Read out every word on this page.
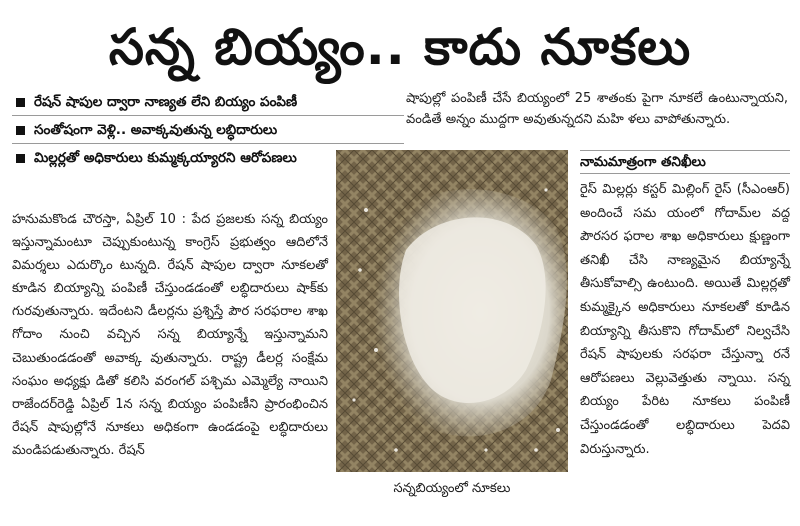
సన్న బియ్యం.. కాదు నూకలు
రేషన్ షాపుల ద్వారా నాణ్యత లేని బియ్యం పంపిణీ
సంతోషంగా వెళ్లి.. అవాక్కవుతున్న లబ్ధిదారులు
మిల్లర్లతో అధికారులు కుమ్మక్కయ్యారని ఆరోపణలు
హనుమకొండ చౌరస్తా, ఏప్రిల్ 10 : పేద ప్రజలకు సన్న బియ్యం ఇస్తున్నామంటూ చెప్పుకుంటున్న కాంగ్రెస్ ప్రభుత్వం ఆదిలోనే విమర్శలు ఎదుర్కొం టున్నది. రేషన్ షాపుల ద్వారా నూకలతో కూడిన బియ్యాన్ని పంపిణీ చేస్తుండడంతో లబ్ధిదారులు షాక్‌కు గురవుతున్నారు. ఇదేంటని డీలర్లను ప్రశ్నిస్తే పౌర సరఫరాల శాఖ గోదాం నుంచి వచ్చిన సన్న బియ్యాన్నే ఇస్తున్నామని చెబుతుండడంతో అవాక్క వుతున్నారు. రాష్ట్ర డీలర్ల సంక్షేమ సంఘం అధ్యక్షు డితో కలిసి వరంగల్ పశ్చిమ ఎమ్మెల్యే నాయిని రాజేందర్‌రెడ్డి ఏప్రిల్ 1న సన్న బియ్యం పంపిణీని ప్రారంభించిన రేషన్ షాపుల్లోనే నూకలు అధికంగా ఉండడంపై లబ్ధిదారులు మండిపడుతున్నారు. రేషన్
షాపుల్లో పంపిణీ చేసే బియ్యంలో 25 శాతంకు పైగా నూకలే ఉంటున్నాయని, వండితే అన్నం ముద్దగా అవుతున్నదని మహి ళలు వాపోతున్నారు.
సన్నబియ్యంలో నూకలు
నామమాత్రంగా తనిఖీలు
రైస్ మిల్లర్లు కస్టర్ మిల్లింగ్ రైస్ (సీఎంఆర్) అందించే సమ యంలో గోదామ్‌ల వద్ద పౌరసర ఫరాల శాఖ అధికారులు క్షుణ్ణంగా తనిఖీ చేసి నాణ్యమైన బియ్యాన్నే తీసుకోవాల్సి ఉంటుంది. అయితే మిల్లర్లతో కుమ్మక్కైన అధికారులు నూకలతో కూడిన బియ్యాన్ని తీసుకొని గోదామ్‌లో నిల్వచేసి రేషన్ షాపులకు సరఫరా చేస్తున్నా రనే ఆరోపణలు వెల్లువెత్తుతు న్నాయి. సన్న బియ్యం పేరిట నూకలు పంపిణీ చేస్తుండడంతో లబ్ధిదారులు పెదవి విరుస్తున్నారు.
